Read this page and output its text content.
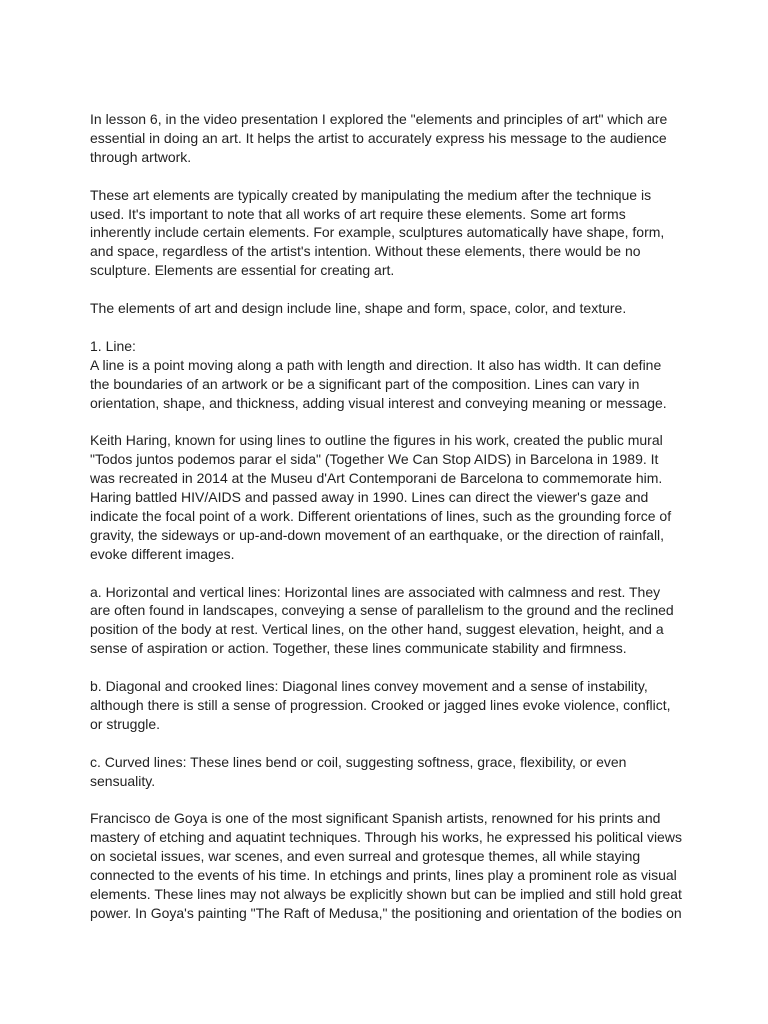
In lesson 6, in the video presentation I explored the "elements and principles of art" which are essential in doing an art. It helps the artist to accurately express his message to the audience through artwork.

These art elements are typically created by manipulating the medium after the technique is used. It's important to note that all works of art require these elements. Some art forms inherently include certain elements. For example, sculptures automatically have shape, form, and space, regardless of the artist's intention. Without these elements, there would be no sculpture. Elements are essential for creating art.

The elements of art and design include line, shape and form, space, color, and texture.

1. Line:
A line is a point moving along a path with length and direction. It also has width. It can define the boundaries of an artwork or be a significant part of the composition. Lines can vary in orientation, shape, and thickness, adding visual interest and conveying meaning or message.

Keith Haring, known for using lines to outline the figures in his work, created the public mural "Todos juntos podemos parar el sida" (Together We Can Stop AIDS) in Barcelona in 1989. It was recreated in 2014 at the Museu d'Art Contemporani de Barcelona to commemorate him. Haring battled HIV/AIDS and passed away in 1990. Lines can direct the viewer's gaze and indicate the focal point of a work. Different orientations of lines, such as the grounding force of gravity, the sideways or up-and-down movement of an earthquake, or the direction of rainfall, evoke different images.

a. Horizontal and vertical lines: Horizontal lines are associated with calmness and rest. They are often found in landscapes, conveying a sense of parallelism to the ground and the reclined position of the body at rest. Vertical lines, on the other hand, suggest elevation, height, and a sense of aspiration or action. Together, these lines communicate stability and firmness.

b. Diagonal and crooked lines: Diagonal lines convey movement and a sense of instability, although there is still a sense of progression. Crooked or jagged lines evoke violence, conflict, or struggle.

c. Curved lines: These lines bend or coil, suggesting softness, grace, flexibility, or even sensuality.

Francisco de Goya is one of the most significant Spanish artists, renowned for his prints and mastery of etching and aquatint techniques. Through his works, he expressed his political views on societal issues, war scenes, and even surreal and grotesque themes, all while staying connected to the events of his time. In etchings and prints, lines play a prominent role as visual elements. These lines may not always be explicitly shown but can be implied and still hold great power. In Goya's painting "The Raft of Medusa," the positioning and orientation of the bodies on
